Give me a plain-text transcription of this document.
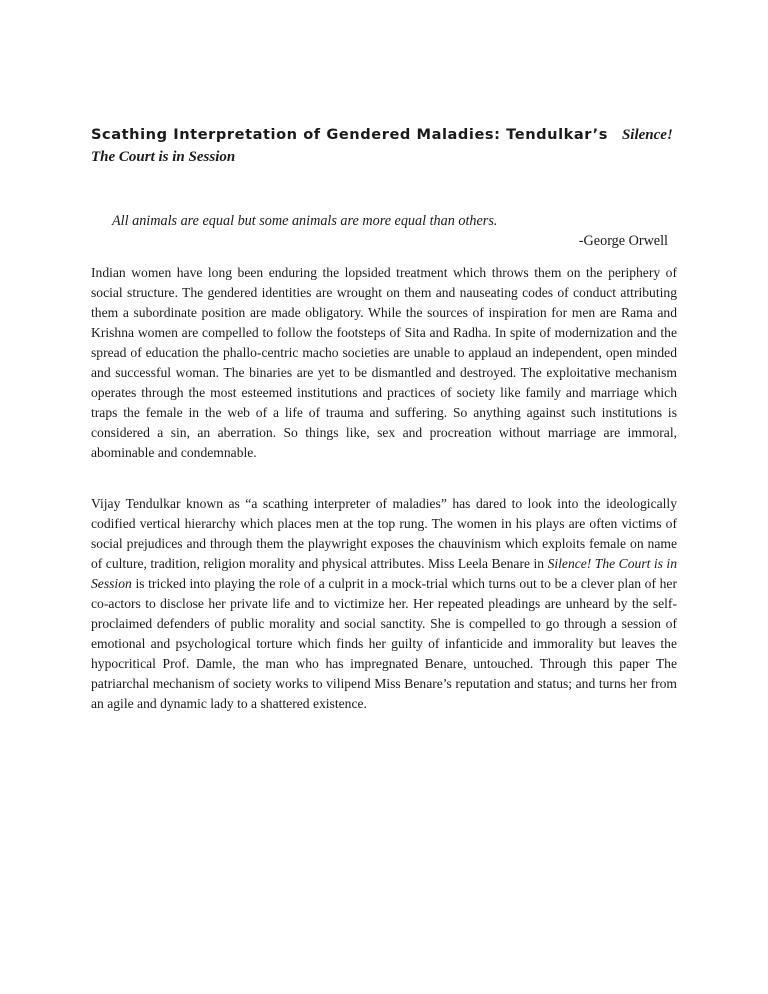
Scathing Interpretation of Gendered Maladies: Tendulkar’s Silence!
The Court is in Session
All animals are equal but some animals are more equal than others.
-George Orwell

Indian women have long been enduring the lopsided treatment which throws them on the periphery of social structure. The gendered identities are wrought on them and nauseating codes of conduct attributing them a subordinate position are made obligatory. While the sources of inspiration for men are Rama and Krishna women are compelled to follow the footsteps of Sita and Radha. In spite of modernization and the spread of education the phallo-centric macho societies are unable to applaud an independent, open minded and successful woman. The binaries are yet to be dismantled and destroyed. The exploitative mechanism operates through the most esteemed institutions and practices of society like family and marriage which traps the female in the web of a life of trauma and suffering. So anything against such institutions is considered a sin, an aberration. So things like, sex and procreation without marriage are immoral, abominable and condemnable.

Vijay Tendulkar known as “a scathing interpreter of maladies” has dared to look into the ideologically codified vertical hierarchy which places men at the top rung. The women in his plays are often victims of social prejudices and through them the playwright exposes the chauvinism which exploits female on name of culture, tradition, religion morality and physical attributes. Miss Leela Benare in Silence! The Court is in Session is tricked into playing the role of a culprit in a mock-trial which turns out to be a clever plan of her co-actors to disclose her private life and to victimize her. Her repeated pleadings are unheard by the self-proclaimed defenders of public morality and social sanctity. She is compelled to go through a session of emotional and psychological torture which finds her guilty of infanticide and immorality but leaves the hypocritical Prof. Damle, the man who has impregnated Benare, untouched. Through this paper The patriarchal mechanism of society works to vilipend Miss Benare’s reputation and status; and turns her from an agile and dynamic lady to a shattered existence.
